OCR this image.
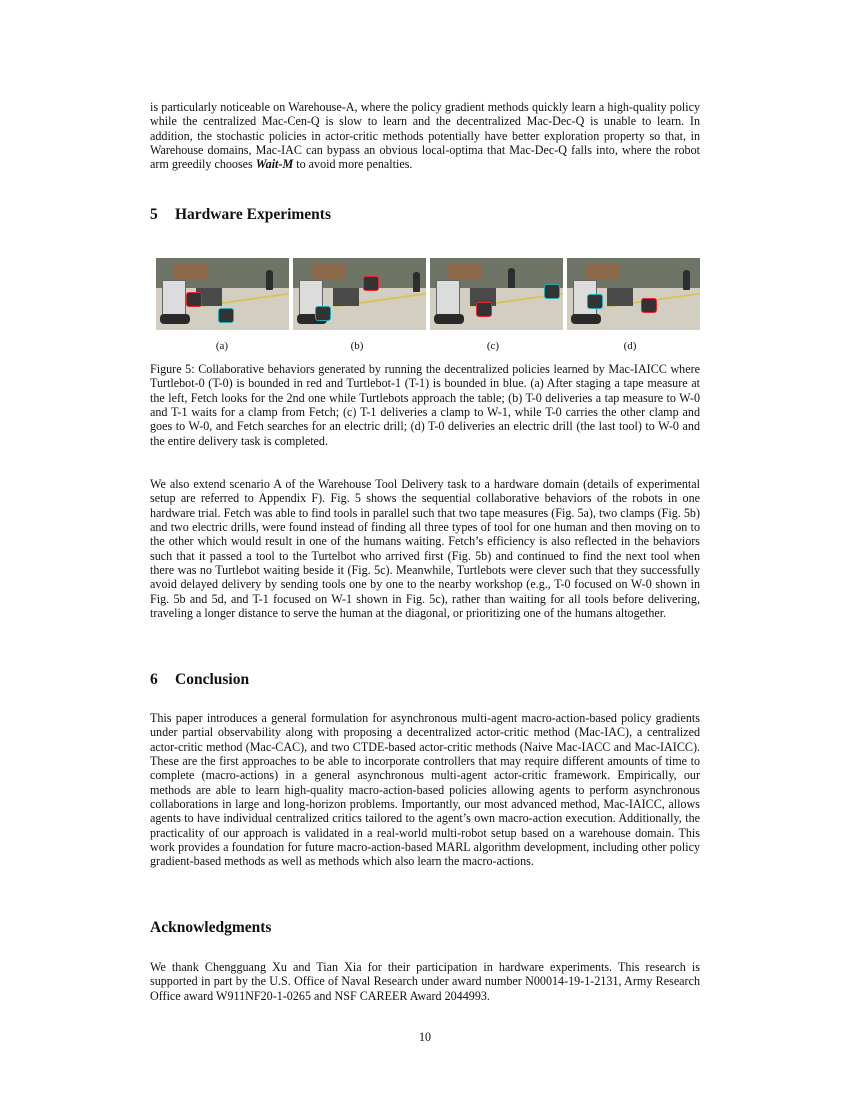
is particularly noticeable on Warehouse-A, where the policy gradient methods quickly learn a high-quality policy while the centralized Mac-Cen-Q is slow to learn and the decentralized Mac-Dec-Q is unable to learn. In addition, the stochastic policies in actor-critic methods potentially have better exploration property so that, in Warehouse domains, Mac-IAC can bypass an obvious local-optima that Mac-Dec-Q falls into, where the robot arm greedily chooses Wait-M to avoid more penalties.

5 Hardware Experiments
(a)	(b)	(c)	(d)

Figure 5: Collaborative behaviors generated by running the decentralized policies learned by Mac-IAICC where Turtlebot-0 (T-0) is bounded in red and Turtlebot-1 (T-1) is bounded in blue. (a) After staging a tape measure at the left, Fetch looks for the 2nd one while Turtlebots approach the table; (b) T-0 deliveries a tap measure to W-0 and T-1 waits for a clamp from Fetch; (c) T-1 deliveries a clamp to W-1, while T-0 carries the other clamp and goes to W-0, and Fetch searches for an electric drill; (d) T-0 deliveries an electric drill (the last tool) to W-0 and the entire delivery task is completed.

We also extend scenario A of the Warehouse Tool Delivery task to a hardware domain (details of experimental setup are referred to Appendix F). Fig. 5 shows the sequential collaborative behaviors of the robots in one hardware trial. Fetch was able to find tools in parallel such that two tape measures (Fig. 5a), two clamps (Fig. 5b) and two electric drills, were found instead of finding all three types of tool for one human and then moving on to the other which would result in one of the humans waiting. Fetch’s efficiency is also reflected in the behaviors such that it passed a tool to the Turtelbot who arrived first (Fig. 5b) and continued to find the next tool when there was no Turtlebot waiting beside it (Fig. 5c). Meanwhile, Turtlebots were clever such that they successfully avoid delayed delivery by sending tools one by one to the nearby workshop (e.g., T-0 focused on W-0 shown in Fig. 5b and 5d, and T-1 focused on W-1 shown in Fig. 5c), rather than waiting for all tools before delivering, traveling a longer distance to serve the human at the diagonal, or prioritizing one of the humans altogether.

6 Conclusion

This paper introduces a general formulation for asynchronous multi-agent macro-action-based policy gradients under partial observability along with proposing a decentralized actor-critic method (Mac-IAC), a centralized actor-critic method (Mac-CAC), and two CTDE-based actor-critic methods (Naive Mac-IACC and Mac-IAICC). These are the first approaches to be able to incorporate controllers that may require different amounts of time to complete (macro-actions) in a general asynchronous multi-agent actor-critic framework. Empirically, our methods are able to learn high-quality macro-action-based policies allowing agents to perform asynchronous collaborations in large and long-horizon problems. Importantly, our most advanced method, Mac-IAICC, allows agents to have individual centralized critics tailored to the agent’s own macro-action execution. Additionally, the practicality of our approach is validated in a real-world multi-robot setup based on a warehouse domain. This work provides a foundation for future macro-action-based MARL algorithm development, including other policy gradient-based methods as well as methods which also learn the macro-actions.

Acknowledgments

We thank Chengguang Xu and Tian Xia for their participation in hardware experiments. This research is supported in part by the U.S. Office of Naval Research under award number N00014-19-1-2131, Army Research Office award W911NF20-1-0265 and NSF CAREER Award 2044993.

10
